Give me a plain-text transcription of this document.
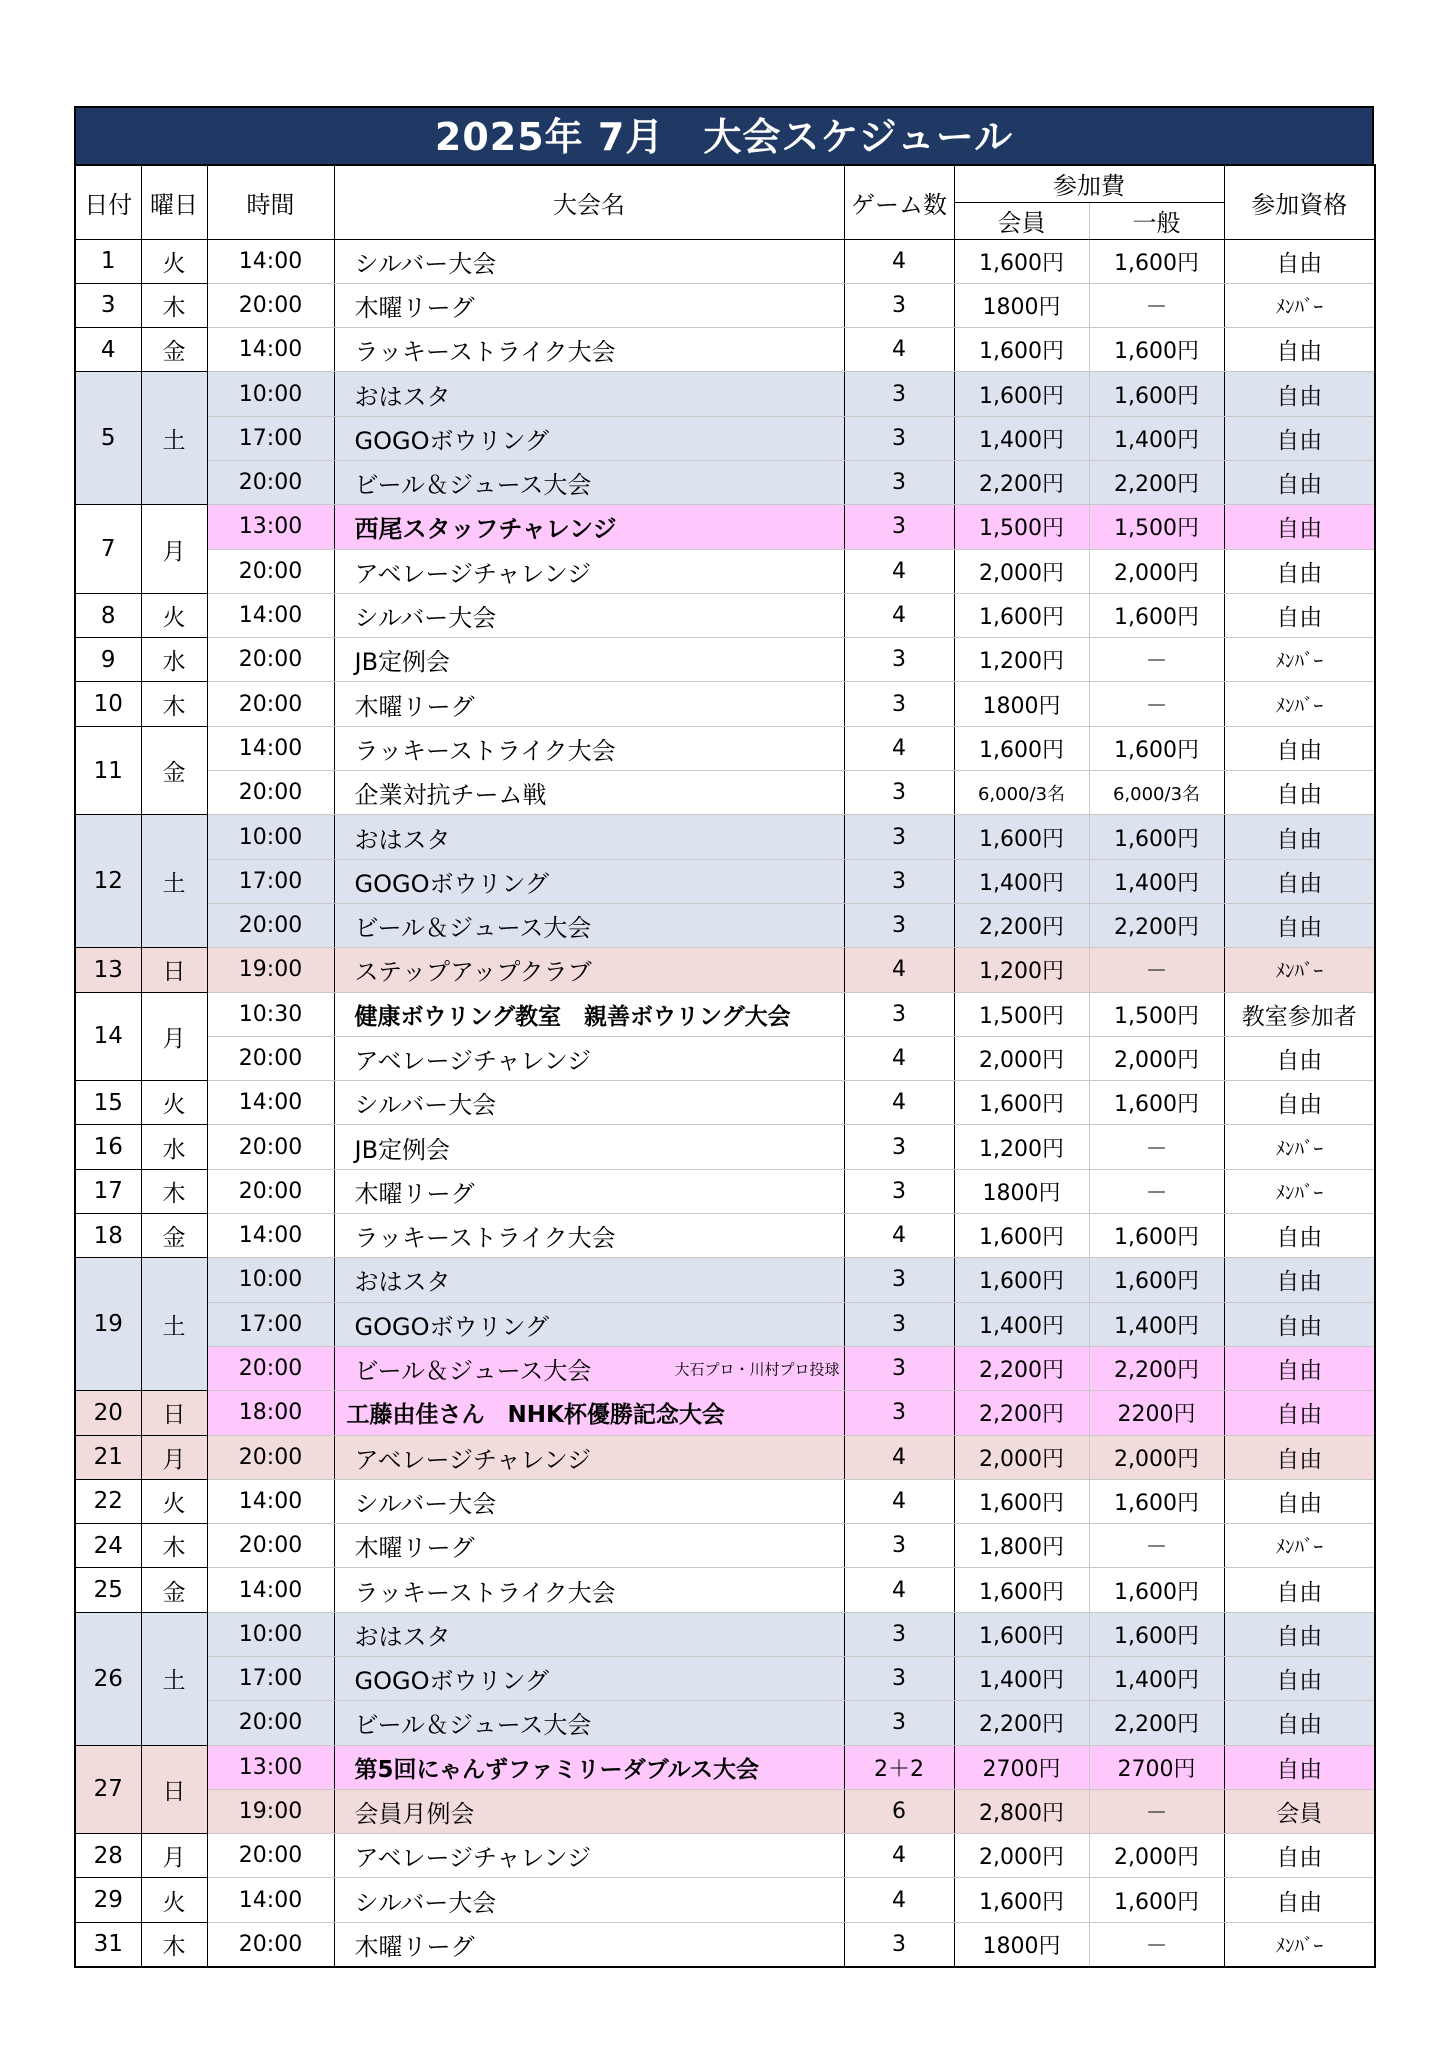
2025年 7月　大会スケジュール
日付	曜日	時間	大会名	ゲーム数	参加費		参加資格
					会員	一般	
1	火	14:00	シルバー大会	4	1,600円	1,600円	自由
3	木	20:00	木曜リーグ	3	1800円	－	ﾒﾝﾊﾞｰ
4	金	14:00	ラッキーストライク大会	4	1,600円	1,600円	自由
5	土	10:00	おはスタ	3	1,600円	1,600円	自由
		17:00	GOGOボウリング	3	1,400円	1,400円	自由
		20:00	ビール＆ジュース大会	3	2,200円	2,200円	自由
7	月	13:00	西尾スタッフチャレンジ	3	1,500円	1,500円	自由
		20:00	アベレージチャレンジ	4	2,000円	2,000円	自由
8	火	14:00	シルバー大会	4	1,600円	1,600円	自由
9	水	20:00	JB定例会	3	1,200円	－	ﾒﾝﾊﾞｰ
10	木	20:00	木曜リーグ	3	1800円	－	ﾒﾝﾊﾞｰ
11	金	14:00	ラッキーストライク大会	4	1,600円	1,600円	自由
		20:00	企業対抗チーム戦	3	6,000/3名	6,000/3名	自由
12	土	10:00	おはスタ	3	1,600円	1,600円	自由
		17:00	GOGOボウリング	3	1,400円	1,400円	自由
		20:00	ビール＆ジュース大会	3	2,200円	2,200円	自由
13	日	19:00	ステップアップクラブ	4	1,200円	－	ﾒﾝﾊﾞｰ
14	月	10:30	健康ボウリング教室　親善ボウリング大会	3	1,500円	1,500円	教室参加者
		20:00	アベレージチャレンジ	4	2,000円	2,000円	自由
15	火	14:00	シルバー大会	4	1,600円	1,600円	自由
16	水	20:00	JB定例会	3	1,200円	－	ﾒﾝﾊﾞｰ
17	木	20:00	木曜リーグ	3	1800円	－	ﾒﾝﾊﾞｰ
18	金	14:00	ラッキーストライク大会	4	1,600円	1,600円	自由
19	土	10:00	おはスタ	3	1,600円	1,600円	自由
		17:00	GOGOボウリング	3	1,400円	1,400円	自由
		20:00	ビール＆ジュース大会 大石プロ・川村プロ投球	3	2,200円	2,200円	自由
20	日	18:00	工藤由佳さん　NHK杯優勝記念大会	3	2,200円	2200円	自由
21	月	20:00	アベレージチャレンジ	4	2,000円	2,000円	自由
22	火	14:00	シルバー大会	4	1,600円	1,600円	自由
24	木	20:00	木曜リーグ	3	1,800円	－	ﾒﾝﾊﾞｰ
25	金	14:00	ラッキーストライク大会	4	1,600円	1,600円	自由
26	土	10:00	おはスタ	3	1,600円	1,600円	自由
		17:00	GOGOボウリング	3	1,400円	1,400円	自由
		20:00	ビール＆ジュース大会	3	2,200円	2,200円	自由
27	日	13:00	第5回にゃんずファミリーダブルス大会	2＋2	2700円	2700円	自由
		19:00	会員月例会	6	2,800円	－	会員
28	月	20:00	アベレージチャレンジ	4	2,000円	2,000円	自由
29	火	14:00	シルバー大会	4	1,600円	1,600円	自由
31	木	20:00	木曜リーグ	3	1800円	－	ﾒﾝﾊﾞｰ
